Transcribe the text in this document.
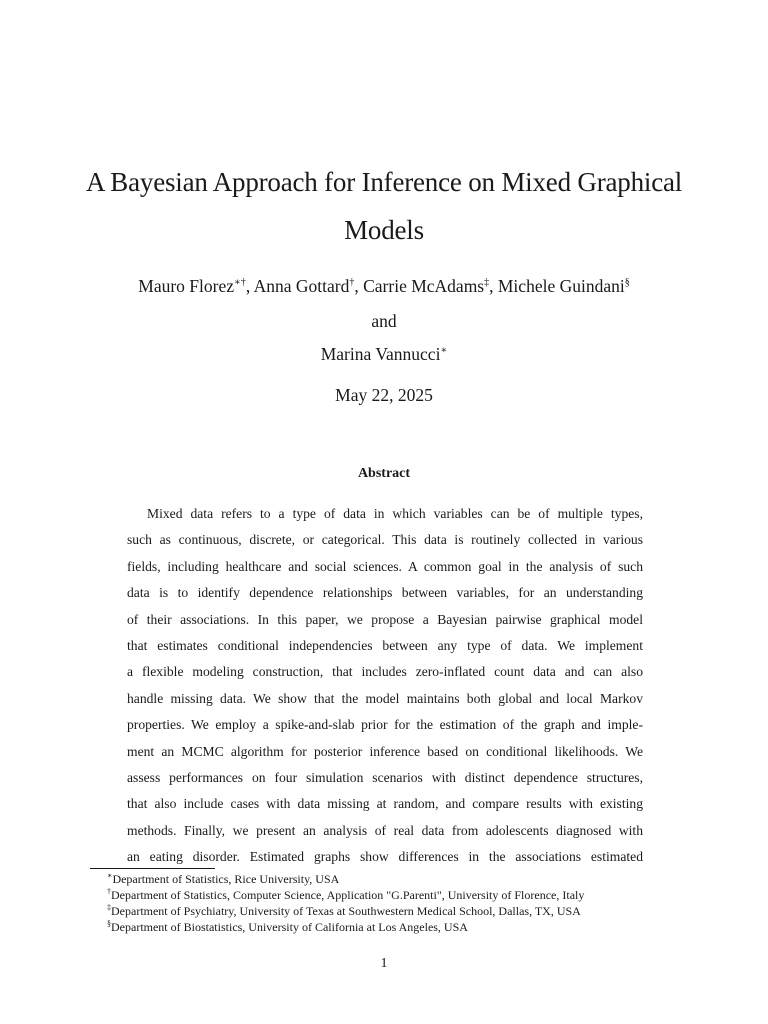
A Bayesian Approach for Inference on Mixed Graphical
Models
Mauro Florez∗†, Anna Gottard†, Carrie McAdams‡, Michele Guindani§
and
Marina Vannucci∗
May 22, 2025
Abstract
Mixed data refers to a type of data in which variables can be of multiple types,
such as continuous, discrete, or categorical. This data is routinely collected in various
fields, including healthcare and social sciences. A common goal in the analysis of such
data is to identify dependence relationships between variables, for an understanding
of their associations. In this paper, we propose a Bayesian pairwise graphical model
that estimates conditional independencies between any type of data. We implement
a flexible modeling construction, that includes zero-inflated count data and can also
handle missing data. We show that the model maintains both global and local Markov
properties. We employ a spike-and-slab prior for the estimation of the graph and imple-
ment an MCMC algorithm for posterior inference based on conditional likelihoods. We
assess performances on four simulation scenarios with distinct dependence structures,
that also include cases with data missing at random, and compare results with existing
methods. Finally, we present an analysis of real data from adolescents diagnosed with
an eating disorder. Estimated graphs show differences in the associations estimated
∗Department of Statistics, Rice University, USA
†Department of Statistics, Computer Science, Application "G.Parenti", University of Florence, Italy
‡Department of Psychiatry, University of Texas at Southwestern Medical School, Dallas, TX, USA
§Department of Biostatistics, University of California at Los Angeles, USA
1
